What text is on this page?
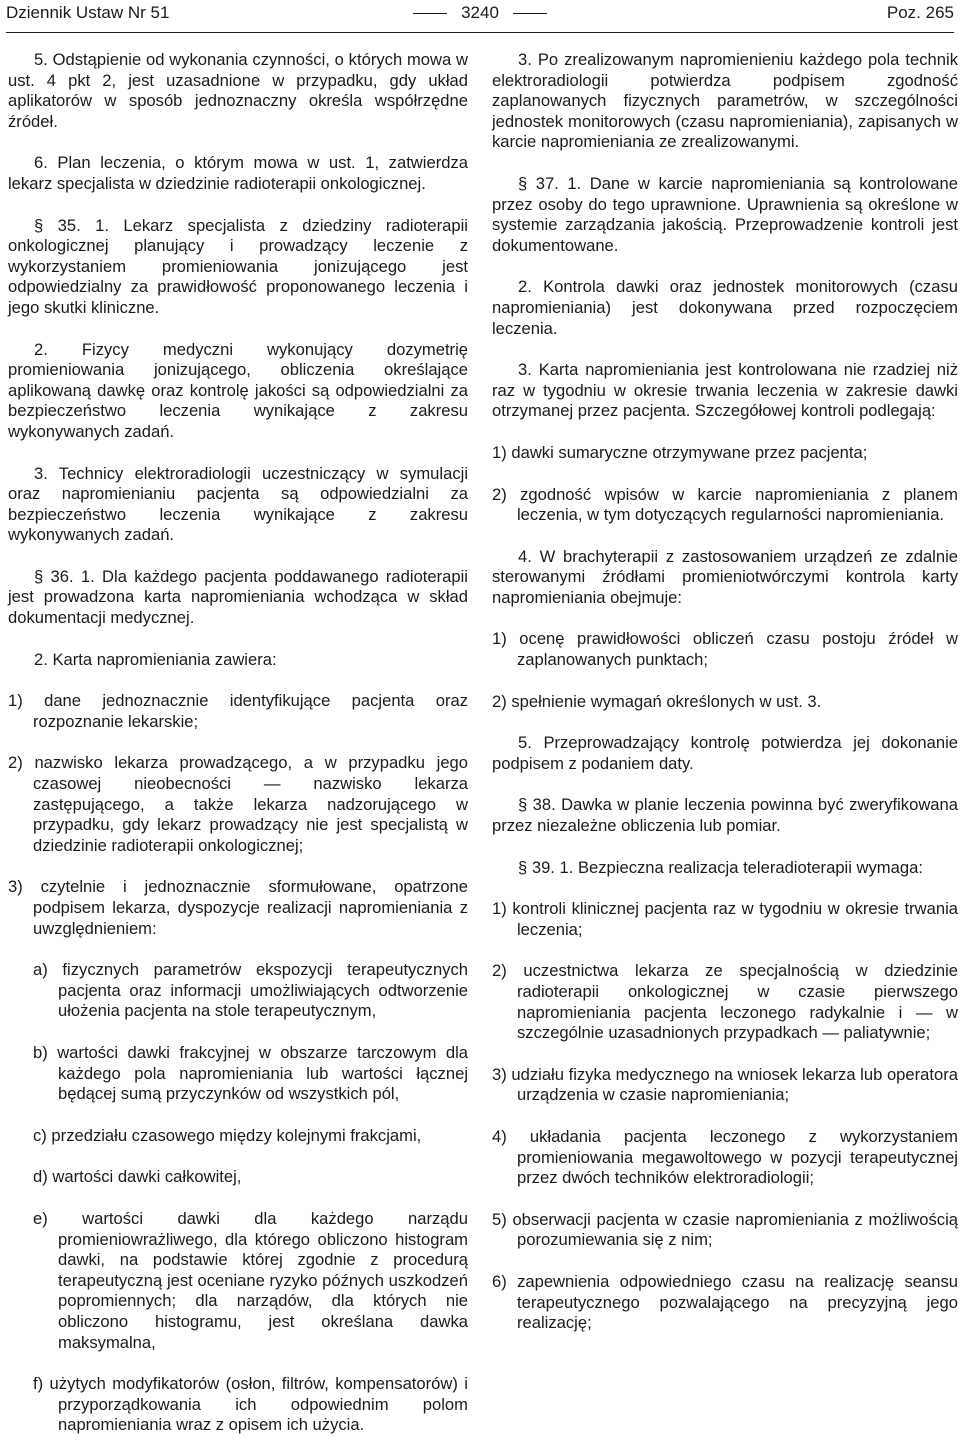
Dziennik Ustaw Nr 51	3240	Poz. 265

5. Odstąpienie od wykonania czynności, o których mowa w ust. 4 pkt 2, jest uzasadnione w przypadku, gdy układ aplikatorów w sposób jednoznaczny określa współrzędne źródeł.

6. Plan leczenia, o którym mowa w ust. 1, zatwierdza lekarz specjalista w dziedzinie radioterapii onkologicznej.

§ 35. 1. Lekarz specjalista z dziedziny radioterapii onkologicznej planujący i prowadzący leczenie z wykorzystaniem promieniowania jonizującego jest odpowiedzialny za prawidłowość proponowanego leczenia i jego skutki kliniczne.

2. Fizycy medyczni wykonujący dozymetrię promieniowania jonizującego, obliczenia określające aplikowaną dawkę oraz kontrolę jakości są odpowiedzialni za bezpieczeństwo leczenia wynikające z zakresu wykonywanych zadań.

3. Technicy elektroradiologii uczestniczący w symulacji oraz napromienianiu pacjenta są odpowiedzialni za bezpieczeństwo leczenia wynikające z zakresu wykonywanych zadań.

§ 36. 1. Dla każdego pacjenta poddawanego radioterapii jest prowadzona karta napromieniania wchodząca w skład dokumentacji medycznej.

2. Karta napromieniania zawiera:

1) dane jednoznacznie identyfikujące pacjenta oraz rozpoznanie lekarskie;

2) nazwisko lekarza prowadzącego, a w przypadku jego czasowej nieobecności — nazwisko lekarza zastępującego, a także lekarza nadzorującego w przypadku, gdy lekarz prowadzący nie jest specjalistą w dziedzinie radioterapii onkologicznej;

3) czytelnie i jednoznacznie sformułowane, opatrzone podpisem lekarza, dyspozycje realizacji napromieniania z uwzględnieniem:

a) fizycznych parametrów ekspozycji terapeutycznych pacjenta oraz informacji umożliwiających odtworzenie ułożenia pacjenta na stole terapeutycznym,

b) wartości dawki frakcyjnej w obszarze tarczowym dla każdego pola napromieniania lub wartości łącznej będącej sumą przyczynków od wszystkich pól,

c) przedziału czasowego między kolejnymi frakcjami,

d) wartości dawki całkowitej,

e) wartości dawki dla każdego narządu promieniowrażliwego, dla którego obliczono histogram dawki, na podstawie której zgodnie z procedurą terapeutyczną jest oceniane ryzyko późnych uszkodzeń popromiennych; dla narządów, dla których nie obliczono histogramu, jest określana dawka maksymalna,

f) użytych modyfikatorów (osłon, filtrów, kompensatorów) i przyporządkowania ich odpowiednim polom napromieniania wraz z opisem ich użycia.

3. Po zrealizowanym napromienieniu każdego pola technik elektroradiologii potwierdza podpisem zgodność zaplanowanych fizycznych parametrów, w szczególności jednostek monitorowych (czasu napromieniania), zapisanych w karcie napromieniania ze zrealizowanymi.

§ 37. 1. Dane w karcie napromieniania są kontrolowane przez osoby do tego uprawnione. Uprawnienia są określone w systemie zarządzania jakością. Przeprowadzenie kontroli jest dokumentowane.

2. Kontrola dawki oraz jednostek monitorowych (czasu napromieniania) jest dokonywana przed rozpoczęciem leczenia.

3. Karta napromieniania jest kontrolowana nie rzadziej niż raz w tygodniu w okresie trwania leczenia w zakresie dawki otrzymanej przez pacjenta. Szczegółowej kontroli podlegają:

1) dawki sumaryczne otrzymywane przez pacjenta;

2) zgodność wpisów w karcie napromieniania z planem leczenia, w tym dotyczących regularności napromieniania.

4. W brachyterapii z zastosowaniem urządzeń ze zdalnie sterowanymi źródłami promieniotwórczymi kontrola karty napromieniania obejmuje:

1) ocenę prawidłowości obliczeń czasu postoju źródeł w zaplanowanych punktach;

2) spełnienie wymagań określonych w ust. 3.

5. Przeprowadzający kontrolę potwierdza jej dokonanie podpisem z podaniem daty.

§ 38. Dawka w planie leczenia powinna być zweryfikowana przez niezależne obliczenia lub pomiar.

§ 39. 1. Bezpieczna realizacja teleradioterapii wymaga:

1) kontroli klinicznej pacjenta raz w tygodniu w okresie trwania leczenia;

2) uczestnictwa lekarza ze specjalnością w dziedzinie radioterapii onkologicznej w czasie pierwszego napromieniania pacjenta leczonego radykalnie i — w szczególnie uzasadnionych przypadkach — paliatywnie;

3) udziału fizyka medycznego na wniosek lekarza lub operatora urządzenia w czasie napromieniania;

4) układania pacjenta leczonego z wykorzystaniem promieniowania megawoltowego w pozycji terapeutycznej przez dwóch techników elektroradiologii;

5) obserwacji pacjenta w czasie napromieniania z możliwością porozumiewania się z nim;

6) zapewnienia odpowiedniego czasu na realizację seansu terapeutycznego pozwalającego na precyzyjną jego realizację;
